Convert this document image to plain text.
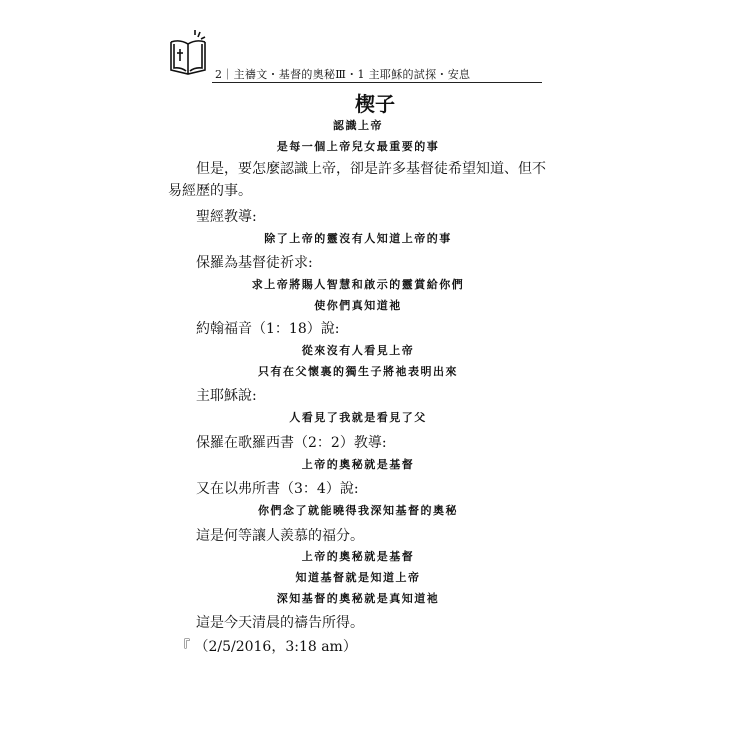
2｜主禱文・基督的奧秘Ⅲ・1 主耶穌的試探・安息
楔子
認識上帝
是每一個上帝兒女最重要的事
但是，要怎麼認識上帝，卻是許多基督徒希望知道、但不易經歷的事。
聖經教導:
除了上帝的靈沒有人知道上帝的事
保羅為基督徒祈求:
求上帝將賜人智慧和啟示的靈賞給你們
使你們真知道祂
約翰福音（1：18）說:
從來沒有人看見上帝
只有在父懷裏的獨生子將祂表明出來
主耶穌說:
人看見了我就是看見了父
保羅在歌羅西書（2：2）教導:
上帝的奧秘就是基督
又在以弗所書（3：4）說:
你們念了就能曉得我深知基督的奧秘
這是何等讓人羨慕的福分。
上帝的奧秘就是基督
知道基督就是知道上帝
深知基督的奧秘就是真知道祂
這是今天清晨的禱告所得。
『 （2/5/2016，3:18 am）
